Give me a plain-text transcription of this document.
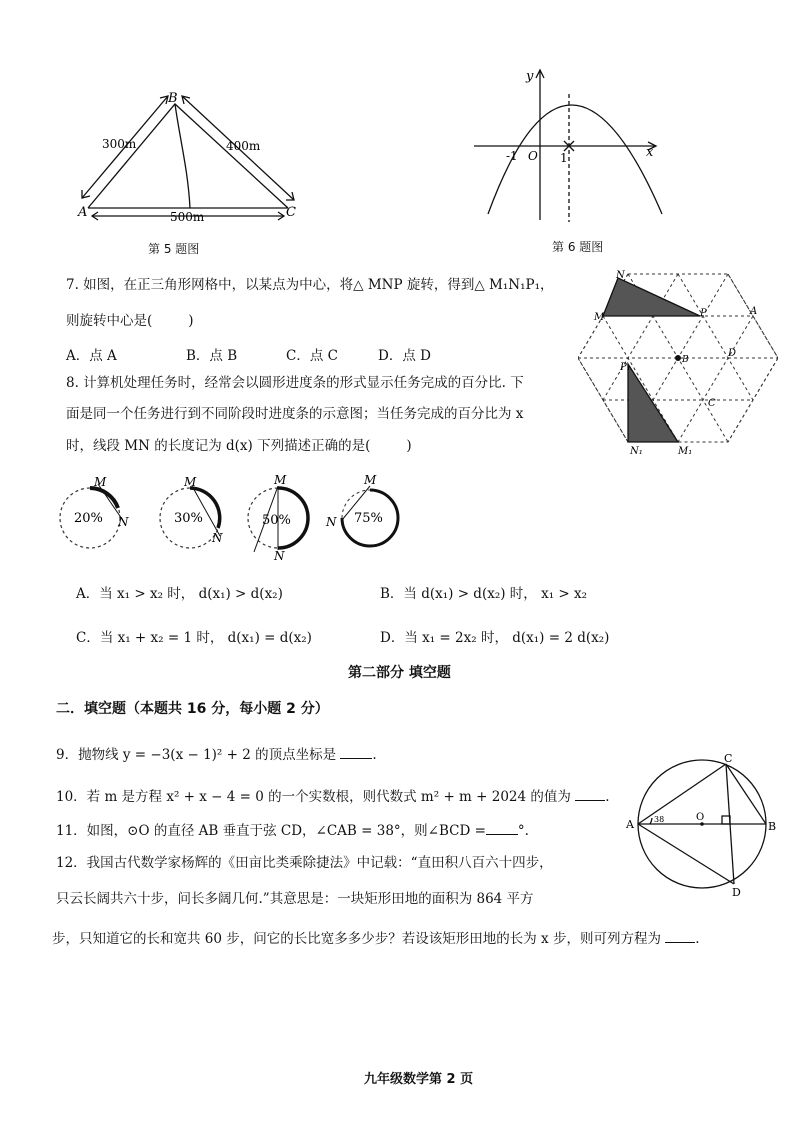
A
B
C
300m	400m
500m
第 5 题图
x
y
O
-1	1
第 6 题图
7. 如图，在正三角形网格中，以某点为中心，将△ MNP 旋转，得到△ M₁N₁P₁，
则旋转中心是(	)
A．点 A	B．点 B	C．点 C	D．点 D
N
M	P	A
B
D
C
P₁
N₁	M₁
8. 计算机处理任务时，经常会以圆形进度条的形式显示任务完成的百分比. 下
面是同一个任务进行到不同阶段时进度条的示意图；当任务完成的百分比为 x
时，线段 MN 的长度记为 d(x) 下列描述正确的是(	)
20%
M
N	30%
M
N
50%
M
N
75%
M
N
A．当 x₁ > x₂ 时， d(x₁) > d(x₂)	B．当 d(x₁) > d(x₂) 时， x₁ > x₂
C．当 x₁ + x₂ = 1 时， d(x₁) = d(x₂)	D．当 x₁ = 2x₂ 时， d(x₁) = 2 d(x₂)
第二部分 填空题
二．填空题（本题共 16 分，每小题 2 分）
9．抛物线 y = −3(x − 1)² + 2 的顶点坐标是	.
10．若 m 是方程 x² + x − 4 = 0 的一个实数根，则代数式 m² + m + 2024 的值为	.
11．如图，⊙O 的直径 AB 垂直于弦 CD，∠CAB = 38°，则∠BCD = °.	A	B
C
D
O
38
12．我国古代数学家杨辉的《田亩比类乘除捷法》中记载：“直田积八百六十四步，
只云长阔共六十步，问长多阔几何.”其意思是：一块矩形田地的面积为 864 平方
步，只知道它的长和宽共 60 步，问它的长比宽多多少步？若设该矩形田地的长为 x 步，则可列方程为	.
九年级数学第 2 页
